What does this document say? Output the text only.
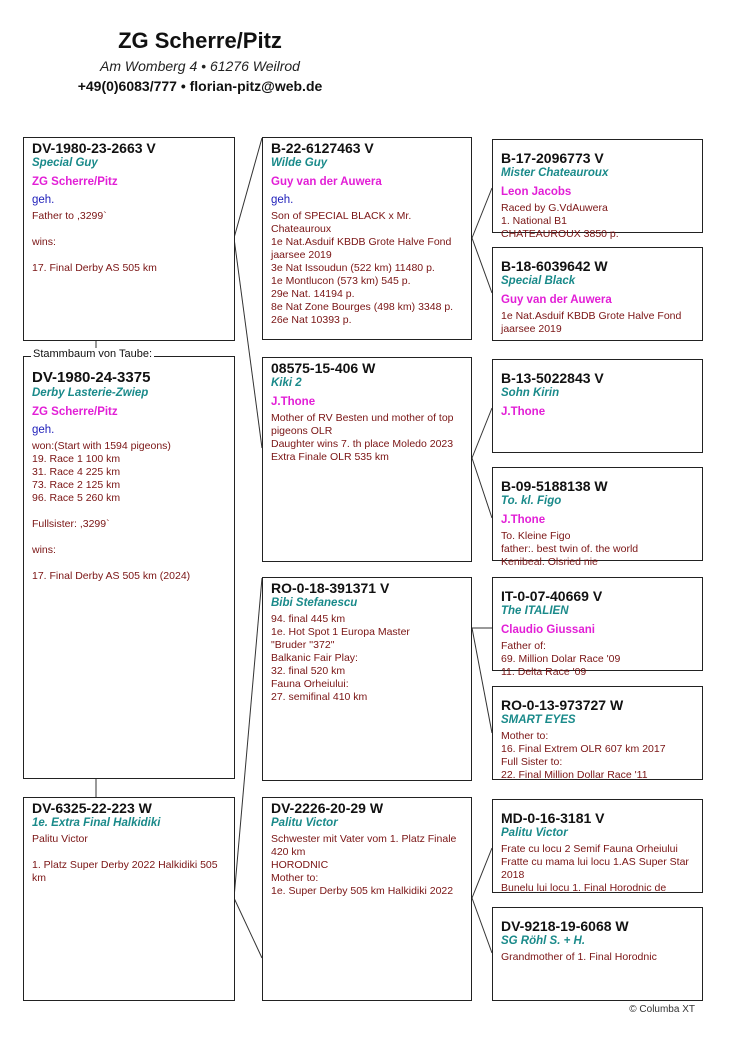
ZG Scherre/Pitz
Am Womberg 4 • 61276 Weilrod
+49(0)6083/777 • florian-pitz@web.de
DV-1980-23-2663 V
Special Guy
ZG Scherre/Pitz
geh.
Father to ,3299`

wins:

17. Final Derby AS 505 km
DV-1980-24-3375
Derby Lasterie-Zwiep
ZG Scherre/Pitz
geh.
won:(Start with 1594 pigeons)
19. Race 1 100 km
31. Race 4 225 km
73. Race 2 125 km
96. Race 5 260 km

Fullsister: ,3299`

wins:

17. Final Derby AS 505 km (2024)
Stammbaum von Taube:
DV-6325-22-223 W
1e. Extra Final Halkidiki
Palitu Victor

1. Platz Super Derby 2022 Halkidiki 505 km
B-22-6127463 V
Wilde Guy
Guy van der Auwera
geh.
Son of SPECIAL BLACK x Mr. Chateauroux
1e Nat.Asduif KBDB Grote Halve Fond jaarsee 2019
3e Nat Issoudun (522 km) 11480 p.
1e Montlucon (573 km) 545 p.
29e Nat. 14194 p.
8e Nat Zone Bourges (498 km) 3348 p.
26e Nat 10393 p.
08575-15-406 W
Kiki 2
J.Thone
Mother of RV Besten und mother of top pigeons OLR
Daughter wins 7. th place Moledo 2023  Extra Finale OLR 535 km
RO-0-18-391371 V
Bibi Stefanescu
94. final 445 km
1e. Hot Spot 1 Europa Master
"Bruder ''372"
Balkanic Fair Play:
32. final 520 km
Fauna Orheiului:
27. semifinal 410 km
DV-2226-20-29 W
Palitu Victor
Schwester mit Vater vom 1. Platz Finale 420 km
HORODNIC
Mother to:
1e. Super Derby 505 km Halkidiki 2022
B-17-2096773 V
Mister Chateauroux
Leon Jacobs
Raced by G.VdAuwera
1. National B1
CHATEAUROUX 3850 p.
B-18-6039642 W
Special Black
Guy van der Auwera
1e Nat.Asduif KBDB Grote Halve Fond jaarsee 2019
B-13-5022843 V
Sohn Kirin
J.Thone
B-09-5188138 W
To. kl. Figo
J.Thone
To. Kleine Figo
father:. best twin of. the world
Kenibeal. Olsried nie
IT-0-07-40669 V
The ITALIEN
Claudio Giussani
Father of:
69. Million Dolar Race '09
11. Delta Race '09
RO-0-13-973727 W
SMART EYES
Mother to:
16. Final Extrem OLR 607 km 2017
Full Sister to:
22. Final Million Dollar Race '11
MD-0-16-3181 V
Palitu Victor
Frate cu locu 2 Semif Fauna Orheiului
Fratte cu mama lui locu 1.AS Super Star 2018
Bunelu lui locu 1. Final Horodnic de
DV-9218-19-6068 W
SG Röhl S. + H.
Grandmother of 1. Final Horodnic
© Columba XT
